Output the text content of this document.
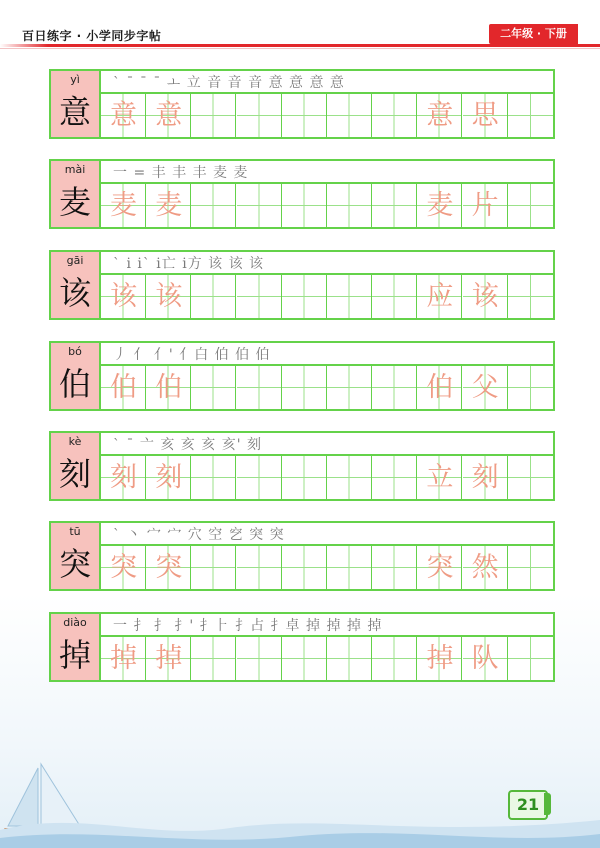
百日练字 · 小学同步字帖	二年级 · 下册
yì
意
` ˉ ˉ ˉ ㅗ 立 音 音 音 意 意 意 意
意 意	意 思
mài
麦
一 = 丰 丰 丰 麦 麦
麦 麦	麦 片
gāi
该
` i i` i亡 i方 该 该 该
该 该	应 该
bó
伯
丿 亻 亻' 亻白 伯 伯 伯
伯 伯	伯 父
kè
刻
` ˉ 亠 亥 亥 亥 亥' 刻
刻 刻	立 刻
tū
突
` 丶 宀 宀 穴 空 穵 突 突
突 突	突 然
diào
掉
一 扌 扌 扌' 扌⺊ 扌占 扌卓 掉 掉 掉 掉
掉 掉	掉 队
21
